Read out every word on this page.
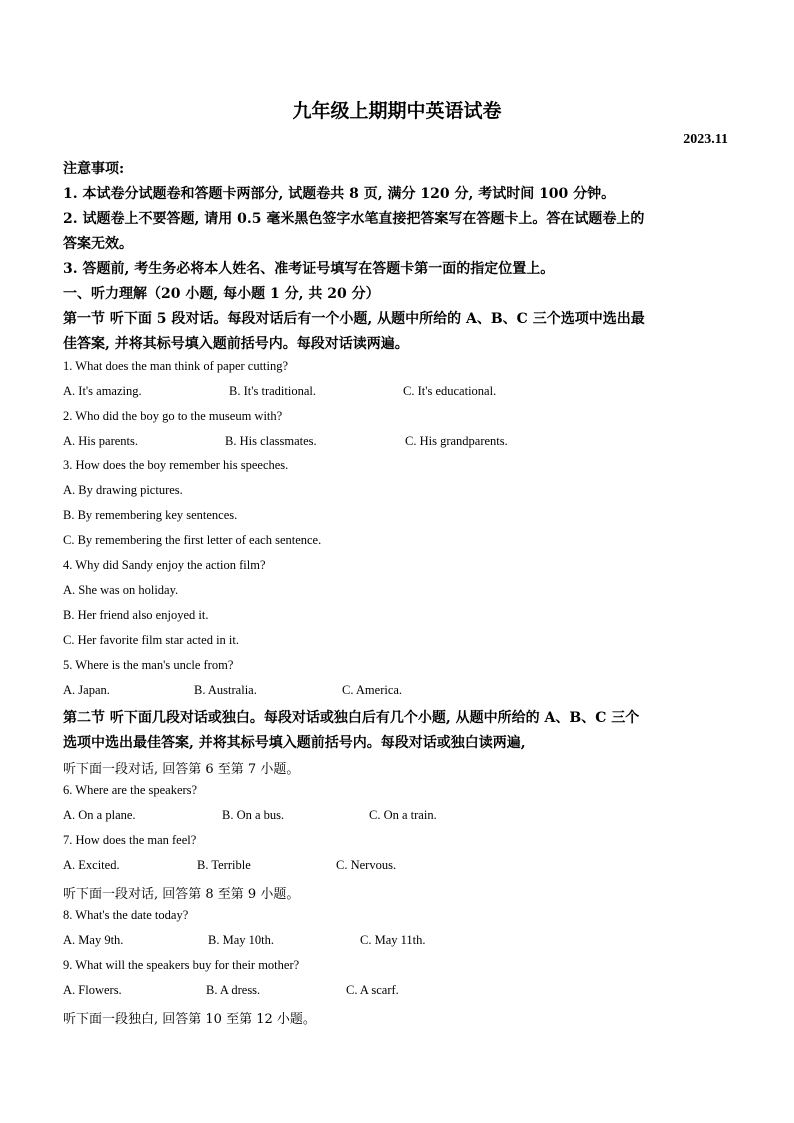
九年级上期期中英语试卷
2023.11
注意事项:
1. 本试卷分试题卷和答题卡两部分, 试题卷共 8 页, 满分 120 分, 考试时间 100 分钟。
2. 试题卷上不要答题, 请用 0.5 毫米黑色签字水笔直接把答案写在答题卡上。答在试题卷上的
答案无效。
3. 答题前, 考生务必将本人姓名、准考证号填写在答题卡第一面的指定位置上。
一、听力理解（20 小题, 每小题 1 分, 共 20 分）
第一节 听下面 5 段对话。每段对话后有一个小题, 从题中所给的 A、B、C 三个选项中选出最
佳答案, 并将其标号填入题前括号内。每段对话读两遍。
1. What does the man think of paper cutting?
A. It's amazing.	B. It's traditional.	C. It's educational.
2. Who did the boy go to the museum with?
A. His parents.	B. His classmates.	C. His grandparents.
3. How does the boy remember his speeches.
A. By drawing pictures.
B. By remembering key sentences.
C. By remembering the first letter of each sentence.
4. Why did Sandy enjoy the action film?
A. She was on holiday.
B. Her friend also enjoyed it.
C. Her favorite film star acted in it.
5. Where is the man's uncle from?
A. Japan.	B. Australia.	C. America.
第二节 听下面几段对话或独白。每段对话或独白后有几个小题, 从题中所给的 A、B、C 三个
选项中选出最佳答案, 并将其标号填入题前括号内。每段对话或独白读两遍,
听下面一段对话, 回答第 6 至第 7 小题。
6. Where are the speakers?
A. On a plane.	B. On a bus.	C. On a train.
7. How does the man feel?
A. Excited.	B. Terrible	C. Nervous.
听下面一段对话, 回答第 8 至第 9 小题。
8. What's the date today?
A. May 9th.	B. May 10th.	C. May 11th.
9. What will the speakers buy for their mother?
A. Flowers.	B. A dress.	C. A scarf.
听下面一段独白, 回答第 10 至第 12 小题。
